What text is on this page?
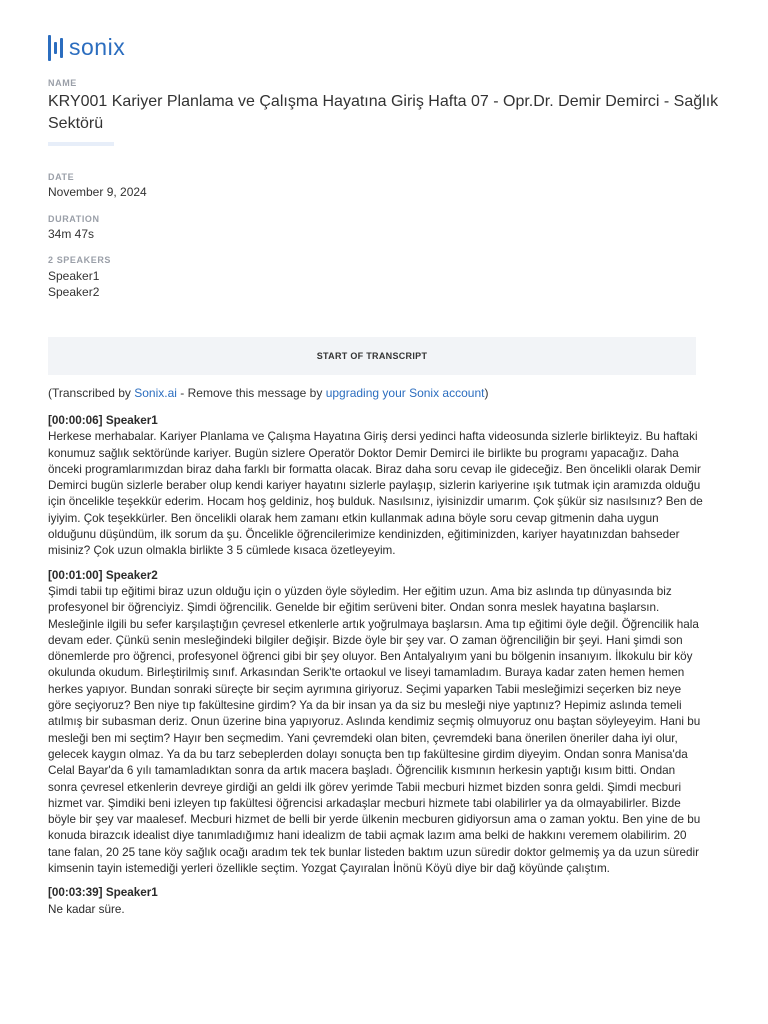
sonix
NAME
KRY001 Kariyer Planlama ve Çalışma Hayatına Giriş Hafta 07 - Opr.Dr. Demir Demirci - Sağlık Sektörü
DATE
November 9, 2024
DURATION
34m 47s
2 SPEAKERS
Speaker1
Speaker2
START OF TRANSCRIPT
(Transcribed by Sonix.ai - Remove this message by upgrading your Sonix account)
[00:00:06] Speaker1
Herkese merhabalar. Kariyer Planlama ve Çalışma Hayatına Giriş dersi yedinci hafta videosunda sizlerle birlikteyiz. Bu haftaki konumuz sağlık sektöründe kariyer. Bugün sizlere Operatör Doktor Demir Demirci ile birlikte bu programı yapacağız. Daha önceki programlarımızdan biraz daha farklı bir formatta olacak. Biraz daha soru cevap ile gideceğiz. Ben öncelikli olarak Demir Demirci bugün sizlerle beraber olup kendi kariyer hayatını sizlerle paylaşıp, sizlerin kariyerine ışık tutmak için aramızda olduğu için öncelikle teşekkür ederim. Hocam hoş geldiniz, hoş bulduk. Nasılsınız, iyisinizdir umarım. Çok şükür siz nasılsınız? Ben de iyiyim. Çok teşekkürler. Ben öncelikli olarak hem zamanı etkin kullanmak adına böyle soru cevap gitmenin daha uygun olduğunu düşündüm, ilk sorum da şu. Öncelikle öğrencilerimize kendinizden, eğitiminizden, kariyer hayatınızdan bahseder misiniz? Çok uzun olmakla birlikte 3 5 cümlede kısaca özetleyeyim.
[00:01:00] Speaker2
Şimdi tabii tıp eğitimi biraz uzun olduğu için o yüzden öyle söyledim. Her eğitim uzun. Ama biz aslında tıp dünyasında biz profesyonel bir öğrenciyiz. Şimdi öğrencilik. Genelde bir eğitim serüveni biter. Ondan sonra meslek hayatına başlarsın. Mesleğinle ilgili bu sefer karşılaştığın çevresel etkenlerle artık yoğrulmaya başlarsın. Ama tıp eğitimi öyle değil. Öğrencilik hala devam eder. Çünkü senin mesleğindeki bilgiler değişir. Bizde öyle bir şey var. O zaman öğrenciliğin bir şeyi. Hani şimdi son dönemlerde pro öğrenci, profesyonel öğrenci gibi bir şey oluyor. Ben Antalyalıyım yani bu bölgenin insanıyım. İlkokulu bir köy okulunda okudum. Birleştirilmiş sınıf. Arkasından Serik'te ortaokul ve liseyi tamamladım. Buraya kadar zaten hemen hemen herkes yapıyor. Bundan sonraki süreçte bir seçim ayrımına giriyoruz. Seçimi yaparken Tabii mesleğimizi seçerken biz neye göre seçiyoruz? Ben niye tıp fakültesine girdim? Ya da bir insan ya da siz bu mesleği niye yaptınız? Hepimiz aslında temeli atılmış bir subasman deriz. Onun üzerine bina yapıyoruz. Aslında kendimiz seçmiş olmuyoruz onu baştan söyleyeyim. Hani bu mesleği ben mi seçtim? Hayır ben seçmedim. Yani çevremdeki olan biten, çevremdeki bana önerilen öneriler daha iyi olur, gelecek kaygın olmaz. Ya da bu tarz sebeplerden dolayı sonuçta ben tıp fakültesine girdim diyeyim. Ondan sonra Manisa'da Celal Bayar'da 6 yılı tamamladıktan sonra da artık macera başladı. Öğrencilik kısmının herkesin yaptığı kısım bitti. Ondan sonra çevresel etkenlerin devreye girdiği an geldi ilk görev yerimde Tabii mecburi hizmet bizden sonra geldi. Şimdi mecburi hizmet var. Şimdiki beni izleyen tıp fakültesi öğrencisi arkadaşlar mecburi hizmete tabi olabilirler ya da olmayabilirler. Bizde böyle bir şey var maalesef. Mecburi hizmet de belli bir yerde ülkenin mecburen gidiyorsun ama o zaman yoktu. Ben yine de bu konuda birazcık idealist diye tanımladığımız hani idealizm de tabii açmak lazım ama belki de hakkını veremem olabilirim. 20 tane falan, 20 25 tane köy sağlık ocağı aradım tek tek bunlar listeden baktım uzun süredir doktor gelmemiş ya da uzun süredir kimsenin tayin istemediği yerleri özellikle seçtim. Yozgat Çayıralan İnönü Köyü diye bir dağ köyünde çalıştım.
[00:03:39] Speaker1
Ne kadar süre.
